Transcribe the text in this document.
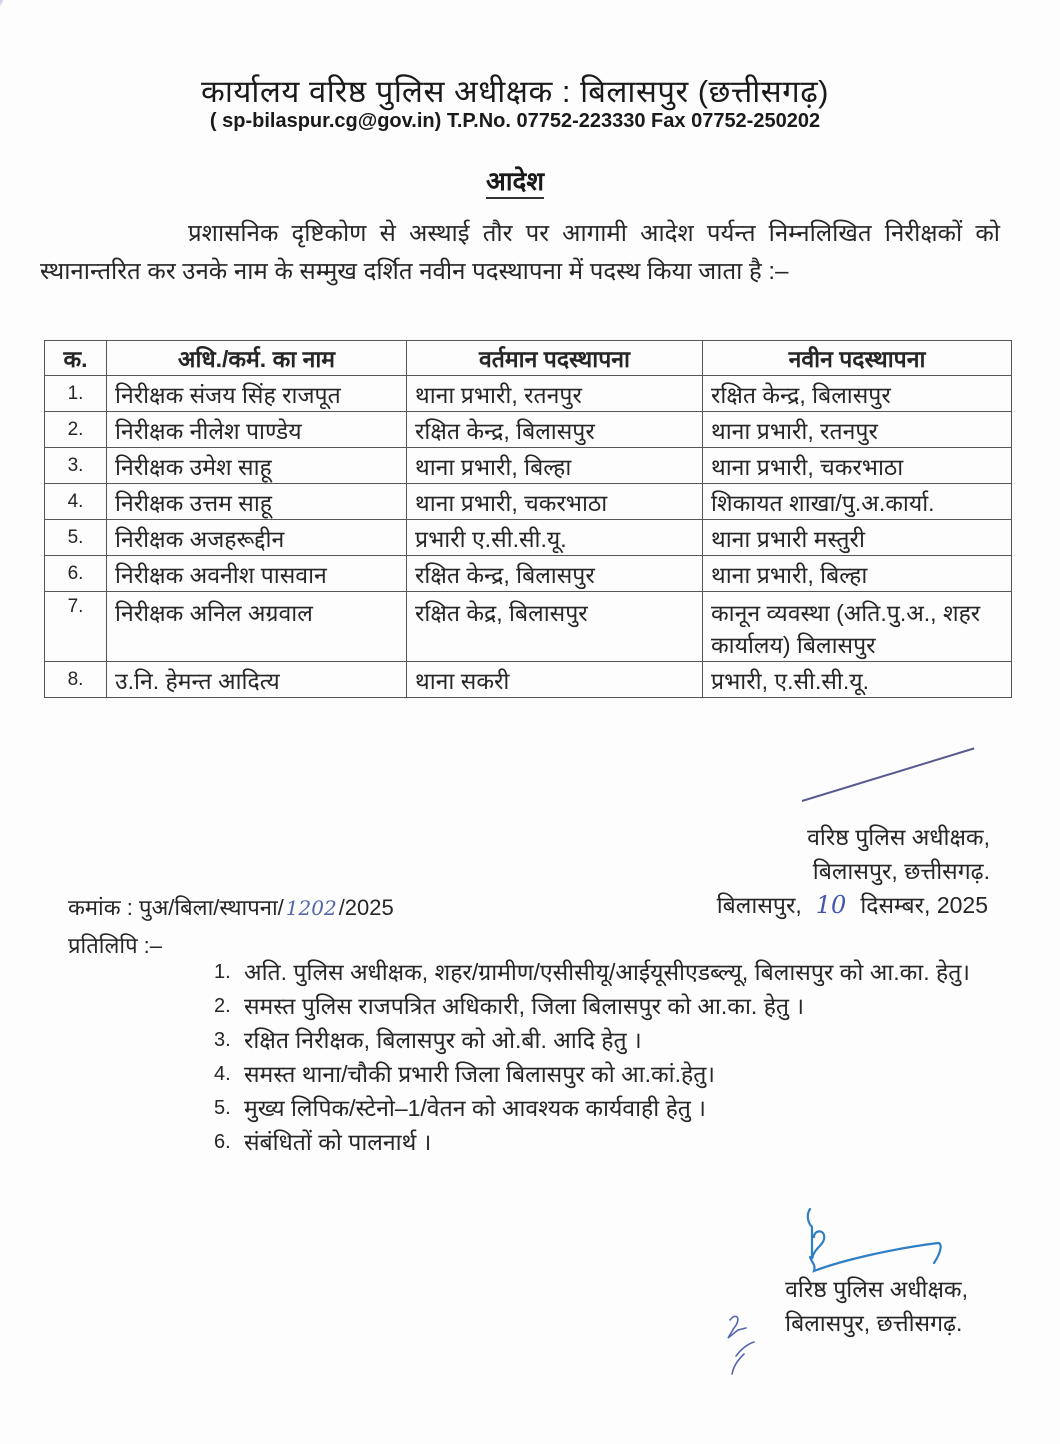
कार्यालय वरिष्ठ पुलिस अधीक्षक : बिलासपुर (छत्तीसगढ़)
( sp-bilaspur.cg@gov.in) T.P.No. 07752-223330 Fax 07752-250202
आदेश

प्रशासनिक दृष्टिकोण से अस्थाई तौर पर आगामी आदेश पर्यन्त निम्नलिखित निरीक्षकों को स्थानान्तरित कर उनके नाम के सम्मुख दर्शित नवीन पदस्थापना में पदस्थ किया जाता है :–

क.	अधि./कर्म. का नाम	वर्तमान पदस्थापना	नवीन पदस्थापना
1.	निरीक्षक संजय सिंह राजपूत	थाना प्रभारी, रतनपुर	रक्षित केन्द्र, बिलासपुर
2.	निरीक्षक नीलेश पाण्डेय	रक्षित केन्द्र, बिलासपुर	थाना प्रभारी, रतनपुर
3.	निरीक्षक उमेश साहू	थाना प्रभारी, बिल्हा	थाना प्रभारी, चकरभाठा
4.	निरीक्षक उत्तम साहू	थाना प्रभारी, चकरभाठा	शिकायत शाखा/पु.अ.कार्या.
5.	निरीक्षक अजहरूद्दीन	प्रभारी ए.सी.सी.यू.	थाना प्रभारी मस्तुरी
6.	निरीक्षक अवनीश पासवान	रक्षित केन्द्र, बिलासपुर	थाना प्रभारी, बिल्हा
7.	निरीक्षक अनिल अग्रवाल	रक्षित केद्र, बिलासपुर	कानून व्यवस्था (अति.पु.अ., शहर कार्यालय) बिलासपुर
8.	उ.नि. हेमन्त आदित्य	थाना सकरी	प्रभारी, ए.सी.सी.यू.
वरिष्ठ पुलिस अधीक्षक,
बिलासपुर, छत्तीसगढ़.
कमांक : पुअ/बिला/स्थापना/ 1202/2025	बिलासपुर, 10 दिसम्बर, 2025
प्रतिलिपि :–
1. अति. पुलिस अधीक्षक, शहर/ग्रामीण/एसीसीयू/आईयूसीएडब्ल्यू, बिलासपुर को आ.का. हेतु।
2. समस्त पुलिस राजपत्रित अधिकारी, जिला बिलासपुर को आ.का. हेतु ।
3. रक्षित निरीक्षक, बिलासपुर को ओ.बी. आदि हेतु ।
4. समस्त थाना/चौकी प्रभारी जिला बिलासपुर को आ.कां.हेतु।
5. मुख्य लिपिक/स्टेनो–1/वेतन को आवश्यक कार्यवाही हेतु ।
6. संबंधितों को पालनार्थ ।
वरिष्ठ पुलिस अधीक्षक,
बिलासपुर, छत्तीसगढ़.
